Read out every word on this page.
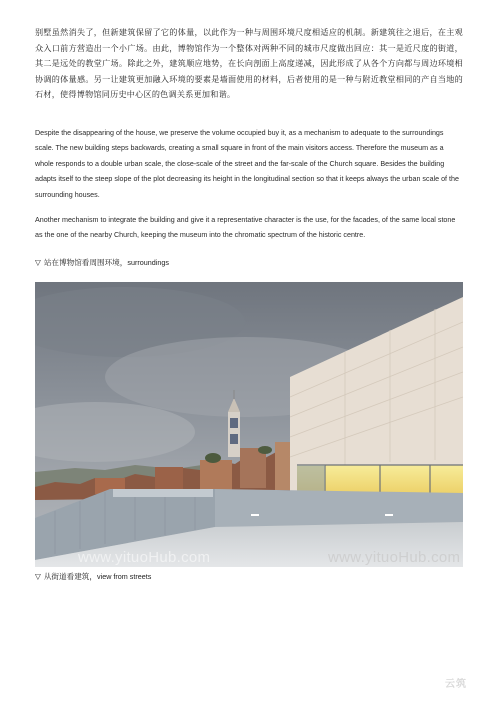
别墅虽然消失了，但新建筑保留了它的体量，以此作为一种与周围环境尺度相适应的机制。新建筑往之退后，在主观众入口前方营造出一个小广场。由此，博物馆作为一个整体对两种不同的城市尺度做出回应：其一是近尺度的街道，其二是远处的教堂广场。除此之外，建筑顺应地势，在长向剖面上高度递减，因此形成了从各个方向都与周边环境相协调的体量感。另一让建筑更加融入环境的要素是墙面使用的材料，后者使用的是一种与附近教堂相同的产自当地的石材，使得博物馆同历史中心区的色调关系更加和谐。

Despite the disappearing of the house, we preserve the volume occupied buy it, as a mechanism to adequate to the surroundings scale. The new building steps backwards, creating a small square in front of the main visitors access. Therefore the museum as a whole responds to a double urban scale, the close-scale of the street and the far-scale of the Church square. Besides the building adapts itself to the steep slope of the plot decreasing its height in the longitudinal section so that it keeps always the urban scale of the surrounding houses.

Another mechanism to integrate the building and give it a representative character is the use, for the facades, of the same local stone as the one of the nearby Church, keeping the museum into the chromatic spectrum of the historic centre.

▽ 站在博物馆看周围环境，surroundings
www.yituoHub.com	www.yituoHub.com
▽ 从街道看建筑，view from streets
云筑
